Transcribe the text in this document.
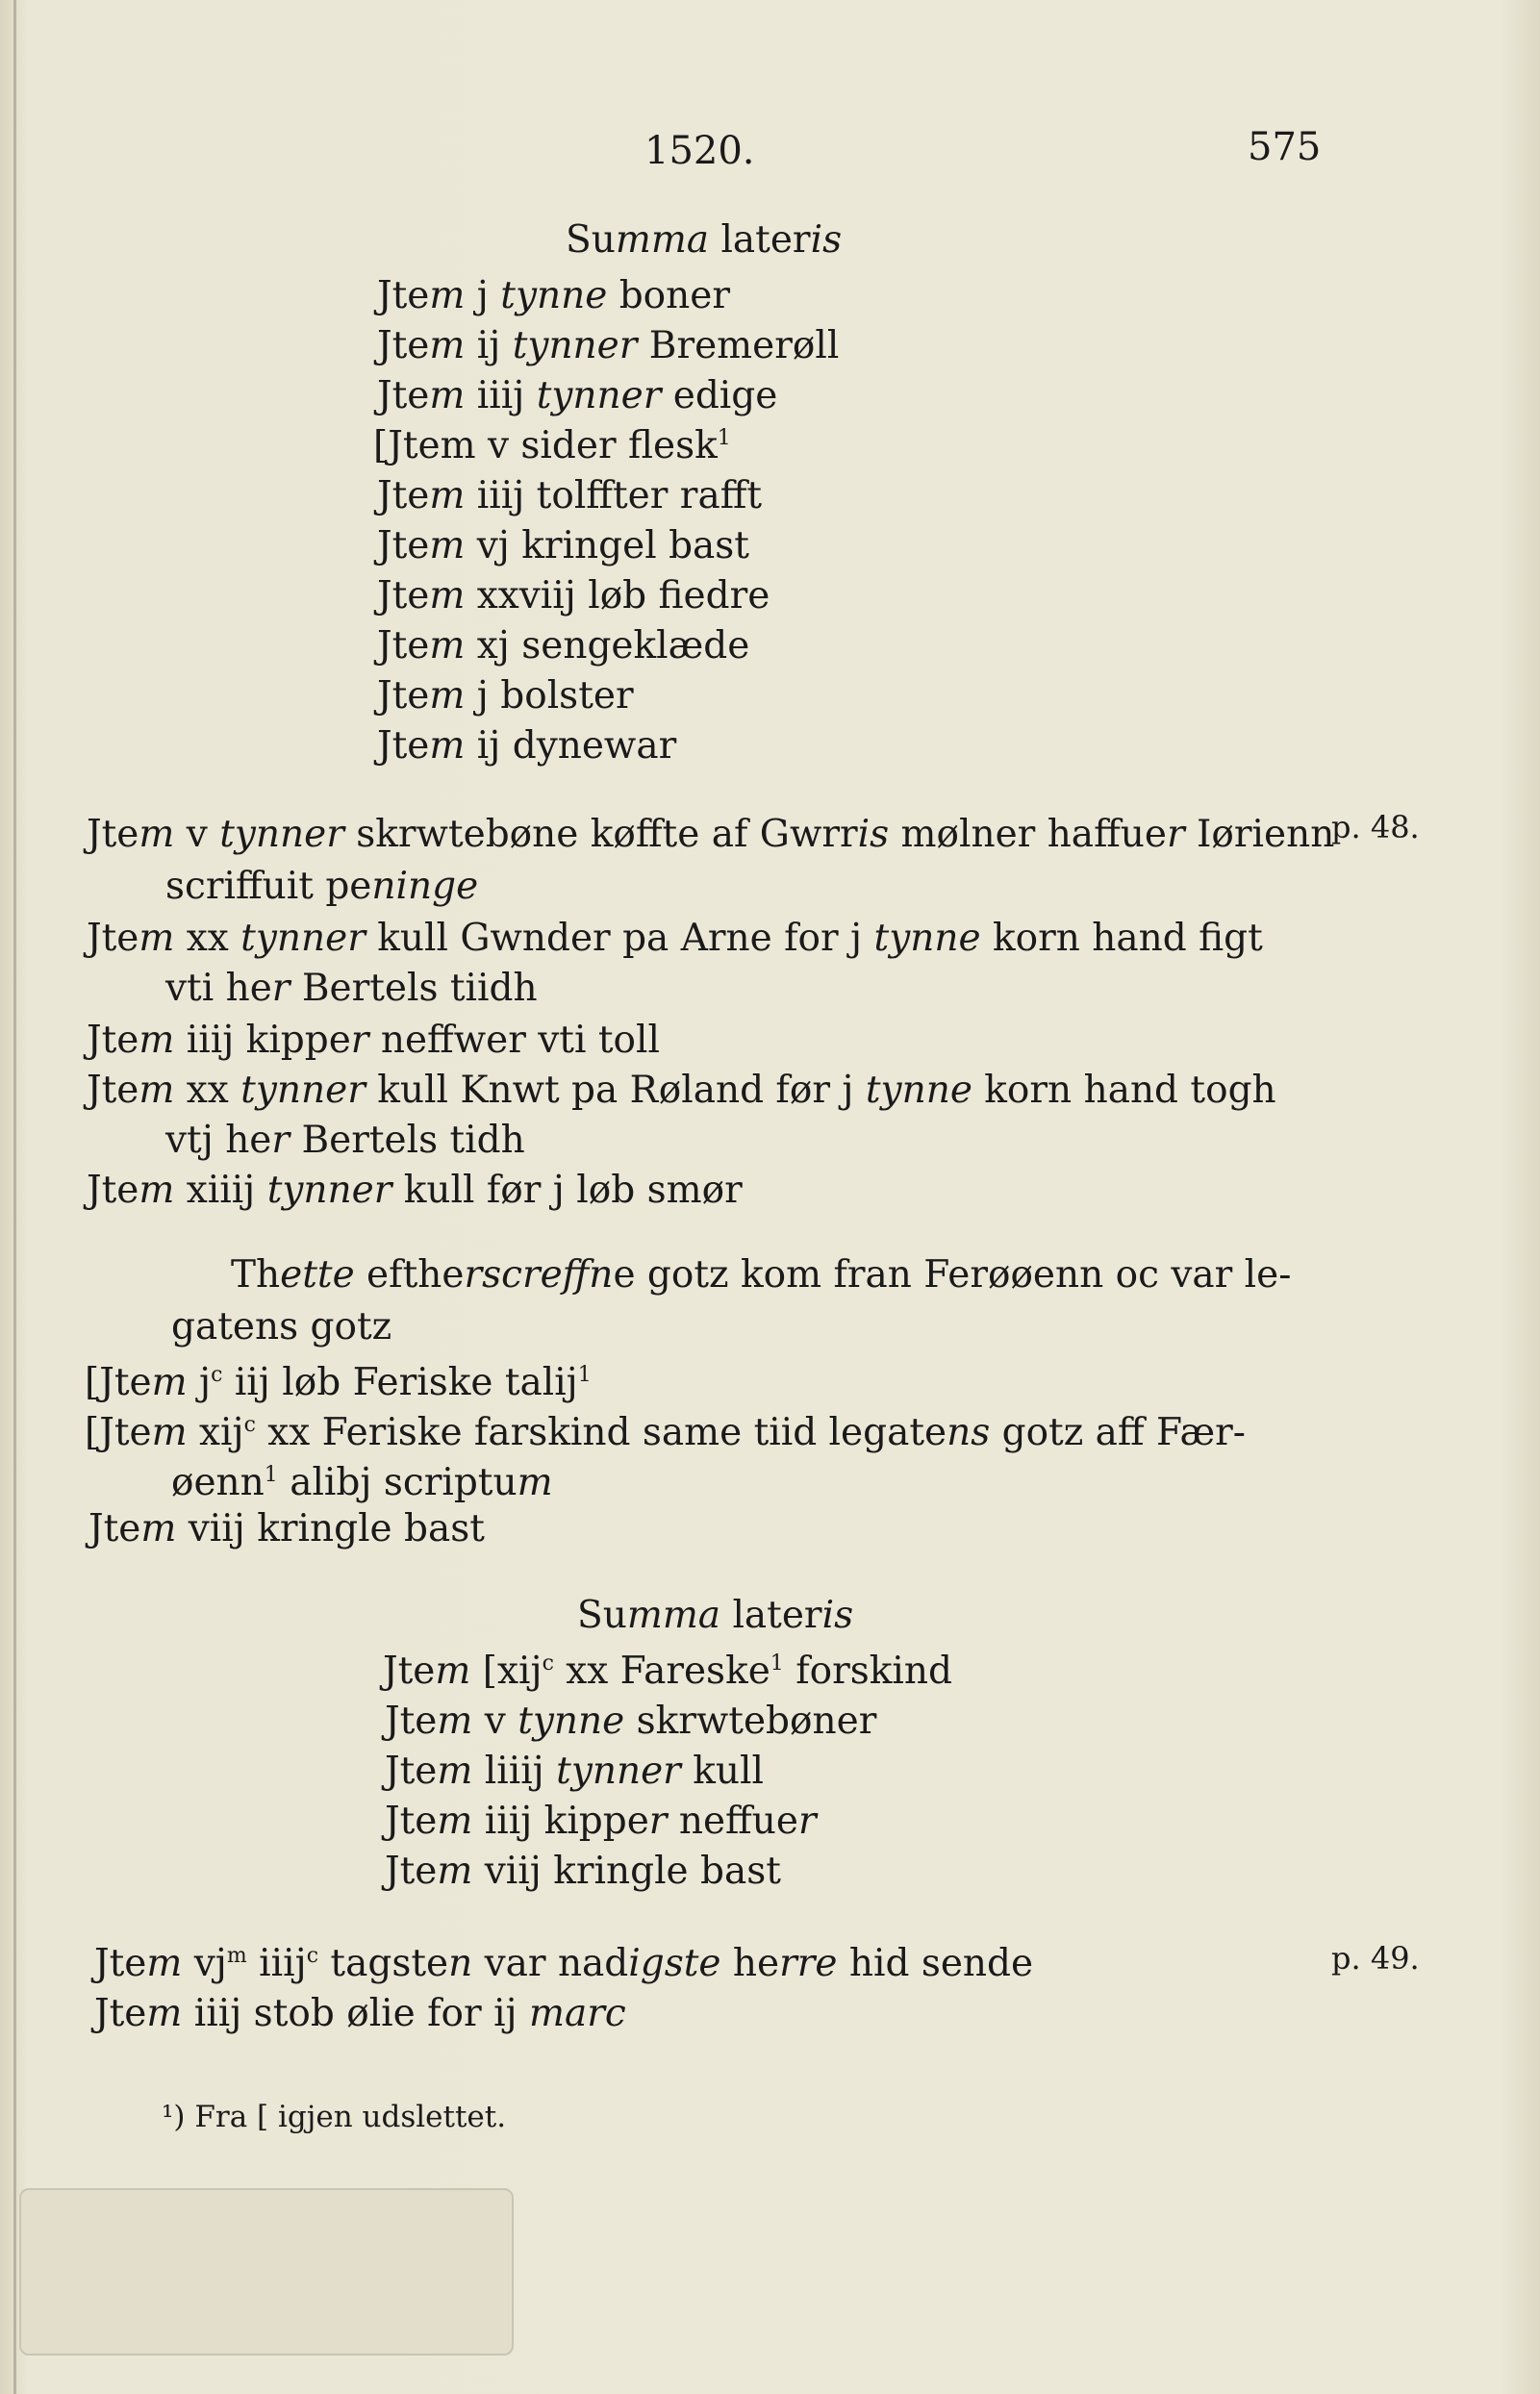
1520.	575
Summa lateris
Jtem j tynne boner
Jtem ij tynner Bremerøll
Jtem iiij tynner edige
[Jtem v sider flesk$^1$
Jtem iiij tolffter rafft
Jtem vj kringel bast
Jtem xxviij løb fiedre
Jtem xj sengeklæde
Jtem j bolster
Jtem ij dynewar
Jtem v tynner skrwtebøne køffte af Gwrris mølner haffuer Iørienn
p. 48.
scriffuit peninge
Jtem xx tynner kull Gwnder pa Arne for j tynne korn hand figt
vti her Bertels tiidh
Jtem iiij kipper neffwer vti toll
Jtem xx tynner kull Knwt pa Røland før j tynne korn hand togh
vtj her Bertels tidh
Jtem xiiij tynner kull før j løb smør
Thette eftherscreffne gotz kom fran Ferøøenn oc var le-
gatens gotz
[Jtem $j^c$ iij løb Feriske talij$^1$
[Jtem xij$^c$ xx Feriske farskind same tiid legatens gotz aff Fær-
øenn$^1$ alibj scriptum
Jtem viij kringle bast
Summa lateris
Jtem [xij$^c$ xx Fareske$^1$ forskind
Jtem v tynne skrwtebøner
Jtem liiij tynner kull
Jtem iiij kipper neffuer
Jtem viij kringle bast
Jtem $vj^m$ iiij$^c$ tagsten var nadigste herre hid sende	p. 49.
Jtem iiij stob ølie for ij marc
¹) Fra [ igjen udslettet.
